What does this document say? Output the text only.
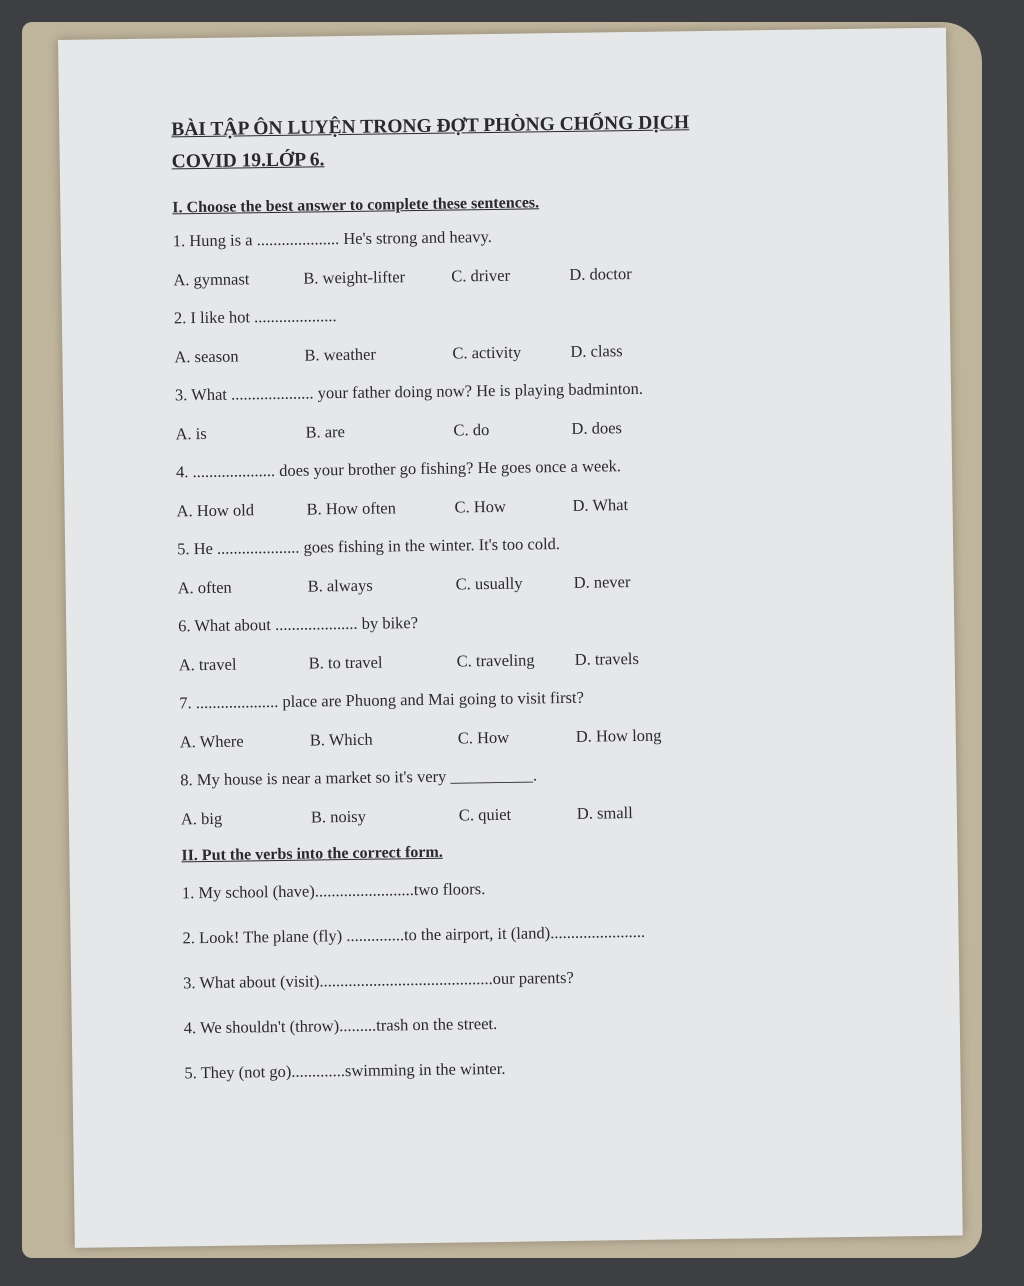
BÀI TẬP ÔN LUYỆN TRONG ĐỢT PHÒNG CHỐNG DỊCH

COVID 19.LỚP 6.

I. Choose the best answer to complete these sentences.
1. Hung is a .................... He's strong and heavy.
A. gymnast	B. weight-lifter	C. driver	D. doctor
2. I like hot ....................
A. season	B. weather	C. activity	D. class
3. What .................... your father doing now? He is playing badminton.
A. is	B. are	C. do	D. does
4. .................... does your brother go fishing? He goes once a week.
A. How old	B. How often	C. How	D. What
5. He .................... goes fishing in the winter. It's too cold.
A. often	B. always	C. usually	D. never
6. What about .................... by bike?
A. travel	B. to travel	C. traveling	D. travels
7. .................... place are Phuong and Mai going to visit first?
A. Where	B. Which	C. How	D. How long
8. My house is near a market so it's very __________.
A. big	B. noisy	C. quiet	D. small
II. Put the verbs into the correct form.
1. My school (have)........................two floors.
2. Look! The plane (fly) ..............to the airport, it (land).......................
3. What about (visit)..........................................our parents?
4. We shouldn't (throw).........trash on the street.
5. They (not go).............swimming in the winter.
